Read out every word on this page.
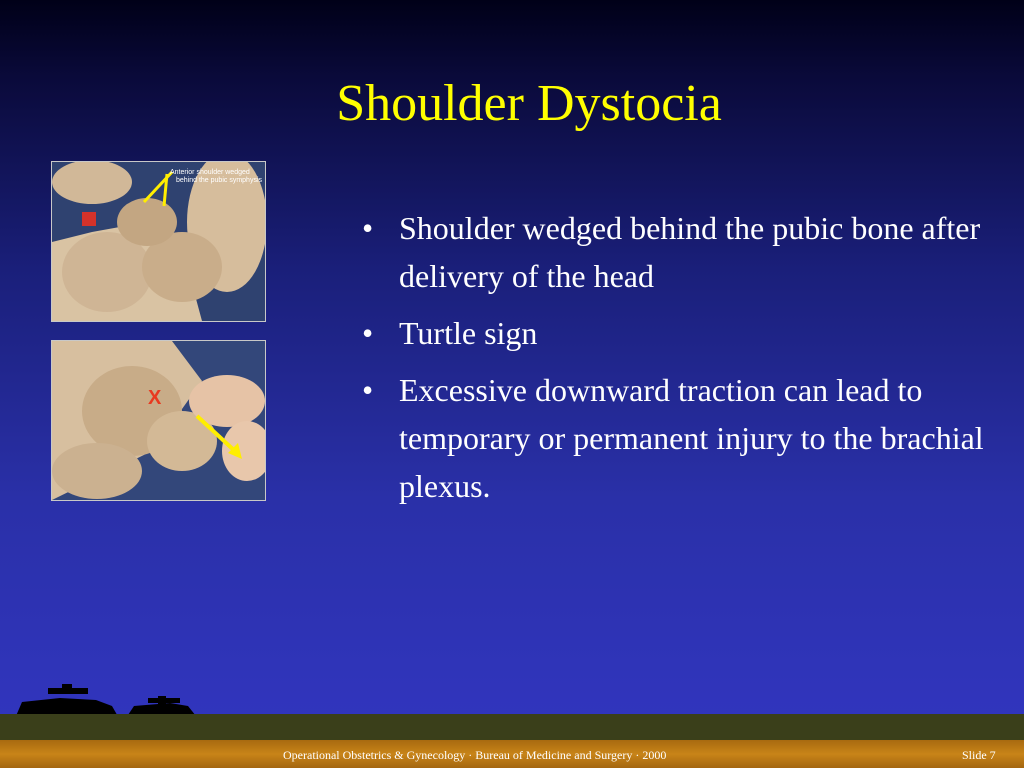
Shoulder Dystocia
Anterior shoulder wedged
behind the pubic symphysis
X
• Shoulder wedged behind the pubic bone after delivery of the head
• Turtle sign
• Excessive downward traction can lead to temporary or permanent injury to the brachial plexus.
Operational Obstetrics & Gynecology · Bureau of Medicine and Surgery · 2000	Slide 7
